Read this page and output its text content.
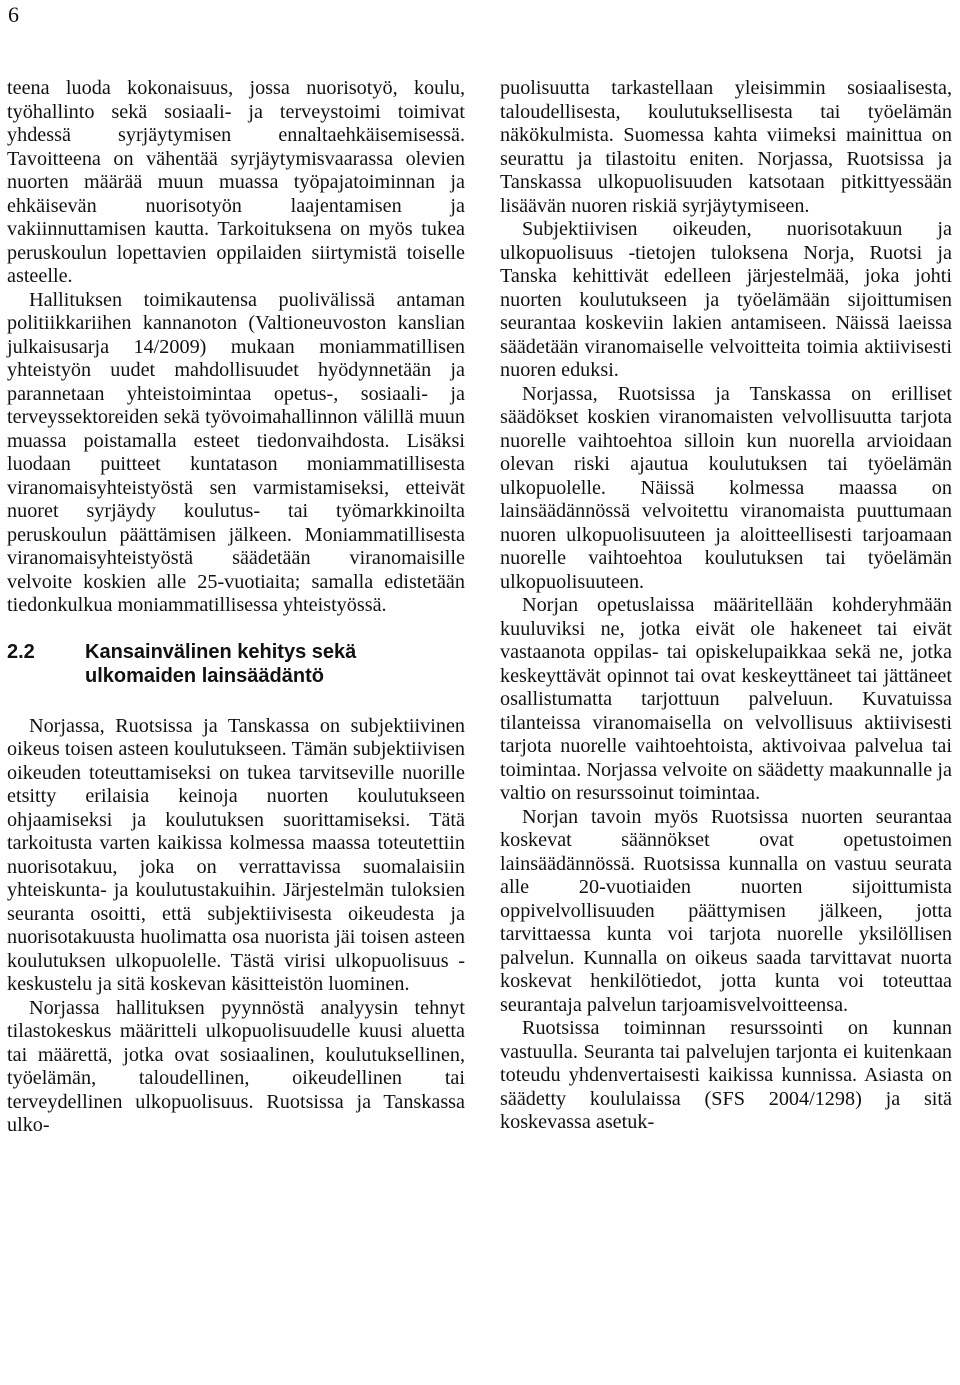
6

teena luoda kokonaisuus, jossa nuorisotyö, koulu, työhallinto sekä sosiaali- ja terveystoimi toimivat yhdessä syrjäytymisen ennaltaehkäisemisessä. Tavoitteena on vähentää syrjäytymisvaarassa olevien nuorten määrää muun muassa työpajatoiminnan ja ehkäisevän nuorisotyön laajentamisen ja vakiinnuttamisen kautta. Tarkoituksena on myös tukea peruskoulun lopettavien oppilaiden siirtymistä toiselle asteelle.

Hallituksen toimikautensa puolivälissä antaman politiikkariihen kannanoton (Valtioneuvoston kanslian julkaisusarja 14/2009) mukaan moniammatillisen yhteistyön uudet mahdollisuudet hyödynnetään ja parannetaan yhteistoimintaa opetus-, sosiaali- ja terveyssektoreiden sekä työvoimahallinnon välillä muun muassa poistamalla esteet tiedonvaihdosta. Lisäksi luodaan puitteet kuntatason moniammatillisesta viranomaisyhteistyöstä sen varmistamiseksi, etteivät nuoret syrjäydy koulutus- tai työmarkkinoilta peruskoulun päättämisen jälkeen. Moniammatillisesta viranomaisyhteistyöstä säädetään viranomaisille velvoite koskien alle 25-vuotiaita; samalla edistetään tiedonkulkua moniammatillisessa yhteistyössä.

2.2	Kansainvälinen kehitys sekä ulkomaiden lainsäädäntö

Norjassa, Ruotsissa ja Tanskassa on subjektiivinen oikeus toisen asteen koulutukseen. Tämän subjektiivisen oikeuden toteuttamiseksi on tukea tarvitseville nuorille etsitty erilaisia keinoja nuorten koulutukseen ohjaamiseksi ja koulutuksen suorittamiseksi. Tätä tarkoitusta varten kaikissa kolmessa maassa toteutettiin nuorisotakuu, joka on verrattavissa suomalaisiin yhteiskunta- ja koulutustakuihin. Järjestelmän tuloksien seuranta osoitti, että subjektiivisesta oikeudesta ja nuorisotakuusta huolimatta osa nuorista jäi toisen asteen koulutuksen ulkopuolelle. Tästä virisi ulkopuolisuus -keskustelu ja sitä koskevan käsitteistön luominen.

Norjassa hallituksen pyynnöstä analyysin tehnyt tilastokeskus määritteli ulkopuolisuudelle kuusi aluetta tai määrettä, jotka ovat sosiaalinen, koulutuksellinen, työelämän, taloudellinen, oikeudellinen tai terveydellinen ulkopuolisuus. Ruotsissa ja Tanskassa ulko-

puolisuutta tarkastellaan yleisimmin sosiaalisesta, taloudellisesta, koulutuksellisesta tai työelämän näkökulmista. Suomessa kahta viimeksi mainittua on seurattu ja tilastoitu eniten. Norjassa, Ruotsissa ja Tanskassa ulkopuolisuuden katsotaan pitkittyessään lisäävän nuoren riskiä syrjäytymiseen.

Subjektiivisen oikeuden, nuorisotakuun ja ulkopuolisuus -tietojen tuloksena Norja, Ruotsi ja Tanska kehittivät edelleen järjestelmää, joka johti nuorten koulutukseen ja työelämään sijoittumisen seurantaa koskeviin lakien antamiseen. Näissä laeissa säädetään viranomaiselle velvoitteita toimia aktiivisesti nuoren eduksi.

Norjassa, Ruotsissa ja Tanskassa on erilliset säädökset koskien viranomaisten velvollisuutta tarjota nuorelle vaihtoehtoa silloin kun nuorella arvioidaan olevan riski ajautua koulutuksen tai työelämän ulkopuolelle. Näissä kolmessa maassa on lainsäädännössä velvoitettu viranomaista puuttumaan nuoren ulkopuolisuuteen ja aloitteellisesti tarjoamaan nuorelle vaihtoehtoa koulutuksen tai työelämän ulkopuolisuuteen.

Norjan opetuslaissa määritellään kohderyhmään kuuluviksi ne, jotka eivät ole hakeneet tai eivät vastaanota oppilas- tai opiskelupaikkaa sekä ne, jotka keskeyttävät opinnot tai ovat keskeyttäneet tai jättäneet osallistumatta tarjottuun palveluun. Kuvatuissa tilanteissa viranomaisella on velvollisuus aktiivisesti tarjota nuorelle vaihtoehtoista, aktivoivaa palvelua tai toimintaa. Norjassa velvoite on säädetty maakunnalle ja valtio on resurssoinut toimintaa.

Norjan tavoin myös Ruotsissa nuorten seurantaa koskevat säännökset ovat opetustoimen lainsäädännössä. Ruotsissa kunnalla on vastuu seurata alle 20-vuotiaiden nuorten sijoittumista oppivelvollisuuden päättymisen jälkeen, jotta tarvittaessa kunta voi tarjota nuorelle yksilöllisen palvelun. Kunnalla on oikeus saada tarvittavat nuorta koskevat henkilötiedot, jotta kunta voi toteuttaa seurantaja palvelun tarjoamisvelvoitteensa.

Ruotsissa toiminnan resurssointi on kunnan vastuulla. Seuranta tai palvelujen tarjonta ei kuitenkaan toteudu yhdenvertaisesti kaikissa kunnissa. Asiasta on säädetty koululaissa (SFS 2004/1298) ja sitä koskevassa asetuk-
